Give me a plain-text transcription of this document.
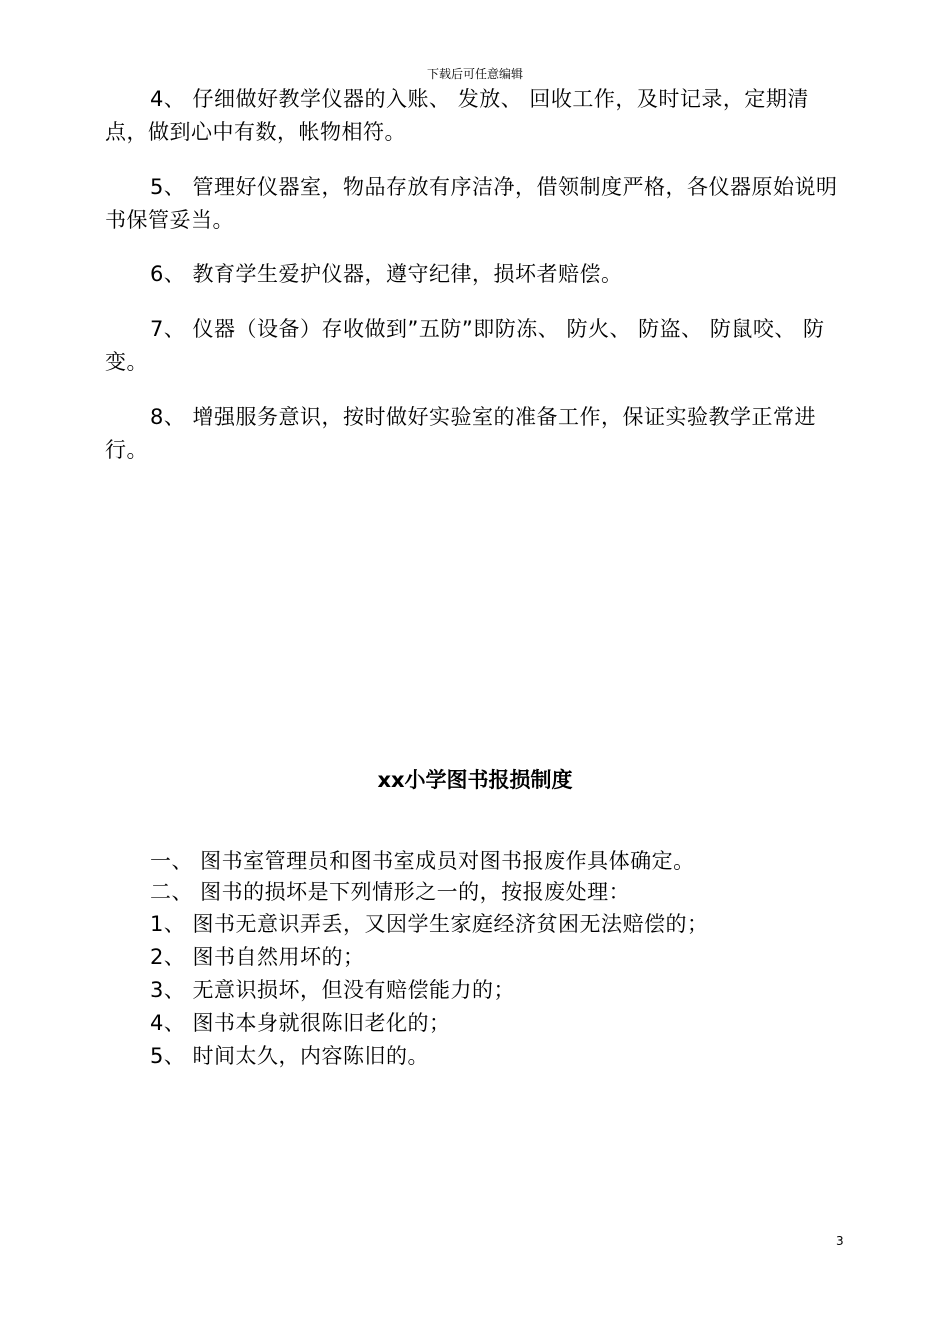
下载后可任意编辑

4、 仔细做好教学仪器的入账、 发放、 回收工作，及时记录，定期清点，做到心中有数，帐物相符。

5、 管理好仪器室，物品存放有序洁净，借领制度严格，各仪器原始说明书保管妥当。

6、 教育学生爱护仪器，遵守纪律，损坏者赔偿。

7、 仪器（设备）存收做到”五防”即防冻、 防火、 防盗、 防鼠咬、 防变。

8、 增强服务意识，按时做好实验室的准备工作，保证实验教学正常进行。

xx小学图书报损制度

一、 图书室管理员和图书室成员对图书报废作具体确定。

二、 图书的损坏是下列情形之一的，按报废处理：

1、 图书无意识弄丢，又因学生家庭经济贫困无法赔偿的；

2、 图书自然用坏的；

3、 无意识损坏，但没有赔偿能力的；

4、 图书本身就很陈旧老化的；

5、 时间太久，内容陈旧的。

3
